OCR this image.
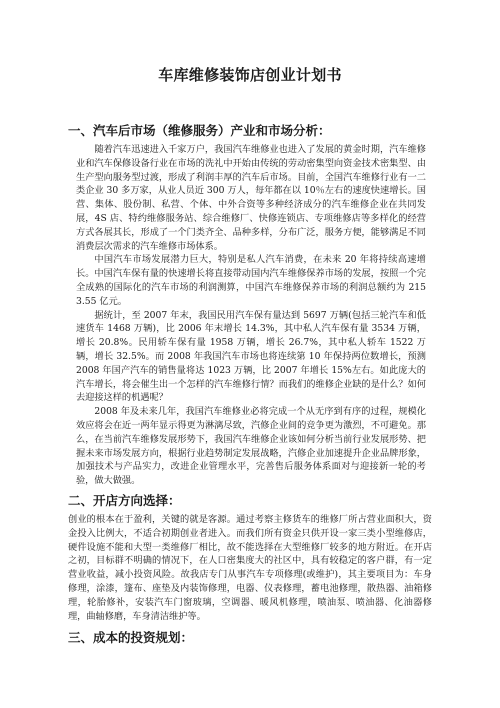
车库维修装饰店创业计划书
一、汽车后市场（维修服务）产业和市场分析：

随着汽车迅速进入千家万户，我国汽车维修业也进入了发展的黄金时期，汽车维修业和汽车保修设备行业在市场的洗礼中开始由传统的劳动密集型向资金技术密集型、由生产型向服务型过渡，形成了利润丰厚的汽车后市场。目前，全国汽车维修行业有一二类企业 30 多万家，从业人员近 300 万人，每年都在以 10％左右的速度快速增长。国营、集体、股份制、私营、个体、中外合资等多种经济成分的汽车维修企业在共同发展，4S 店、特约维修服务站、综合维修厂、快修连锁店、专项维修店等多样化的经营方式各展其长，形成了一个门类齐全、品种多样，分布广泛，服务方便，能够满足不同消费层次需求的汽车维修市场体系。

中国汽车市场发展潜力巨大，特别是私人汽车消费，在未来 20 年将持续高速增长。中国汽车保有量的快速增长将直接带动国内汽车维修保养市场的发展，按照一个完全成熟的国际化的汽车市场的利润测算，中国汽车维修保养市场的利润总额约为 2153.55 亿元。

据统计，至 2007 年末，我国民用汽车保有量达到 5697 万辆(包括三轮汽车和低速货车 1468 万辆)，比 2006 年末增长 14.3%，其中私人汽车保有量 3534 万辆，增长 20.8%。民用轿车保有量 1958 万辆，增长 26.7%，其中私人轿车 1522 万辆，增长 32.5%。而 2008 年我国汽车市场也将连续第 10 年保持两位数增长，预测 2008 年国产汽车的销售量将达 1023 万辆，比 2007 年增长 15%左右。如此庞大的汽车增长，将会催生出一个怎样的汽车维修行情？而我们的维修企业缺的是什么？如何去迎接这样的机遇呢？

2008 年及未来几年，我国汽车维修业必将完成一个从无序到有序的过程，规模化效应将会在近一两年显示得更为淋漓尽致，汽修企业间的竞争更为激烈，不可避免。那么，在当前汽车维修发展形势下，我国汽车维修企业该如何分析当前行业发展形势、把握未来市场发展方向，根据行业趋势制定发展战略，汽修企业加速提升企业品牌形象，加强技术与产品实力，改进企业管理水平，完善售后服务体系面对与迎接新一轮的考验，做大做强。

二、开店方向选择：

创业的根本在于盈利，关键的就是客源。通过考察主修货车的维修厂所占营业面积大，资金投入比例大，不适合初期创业者进入。而我们所有资金只供开设一家三类小型维修店，硬件设施不能和大型一类维修厂相比，故不能选择在大型维修厂较多的地方附近。在开店之初，目标群不明确的情况下，在人口密集度大的社区中，具有较稳定的客户群，有一定营业收益，减小投资风险。故我店专门从事汽车专项修理(或维护)，其主要项目为：车身修理，涂漆，篷布、座垫及内装饰修理，电器、仪表修理，蓄电池修理，散热器、油箱修理，轮胎修补，安装汽车门窗玻璃，空调器、暖风机修理，喷油泵、喷油器、化油器修理，曲轴修磨，车身清洁维护等。

三、成本的投资规划：
